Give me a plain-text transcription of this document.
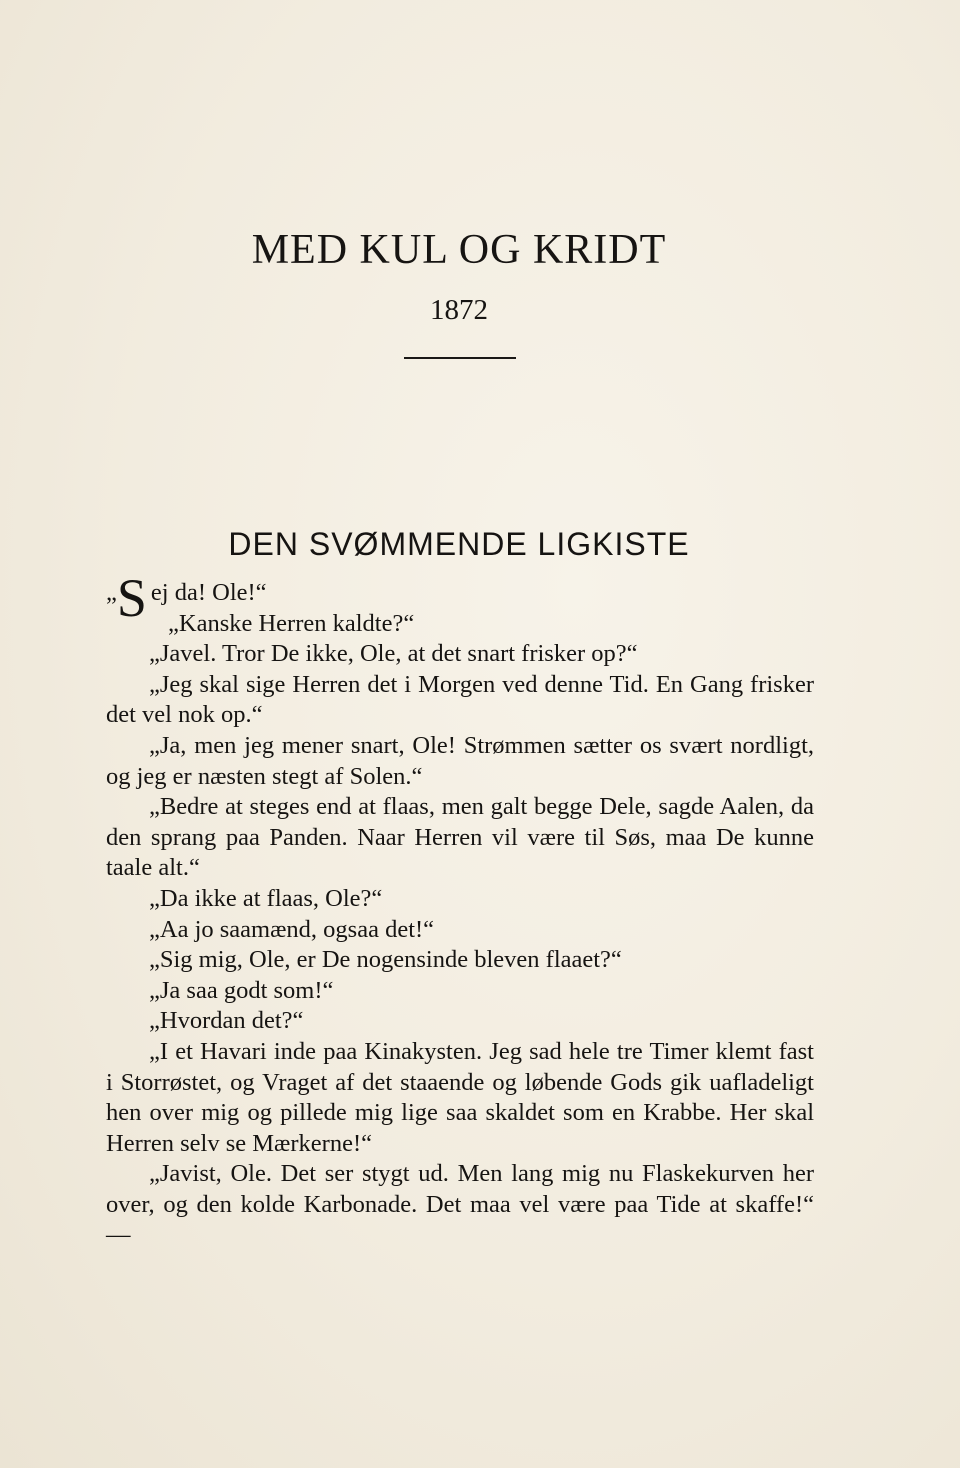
MED KUL OG KRIDT
1872
DEN SVØMMENDE LIGKISTE
„S ej da! Ole!“
„Kanske Herren kaldte?“

„Javel. Tror De ikke, Ole, at det snart frisker op?“

„Jeg skal sige Herren det i Morgen ved denne Tid. En Gang frisker det vel nok op.“

„Ja, men jeg mener snart, Ole! Strømmen sætter os svært nordligt, og jeg er næsten stegt af Solen.“

„Bedre at steges end at flaas, men galt begge Dele, sagde Aalen, da den sprang paa Panden. Naar Herren vil være til Søs, maa De kunne taale alt.“

„Da ikke at flaas, Ole?“

„Aa jo saamænd, ogsaa det!“

„Sig mig, Ole, er De nogensinde bleven flaaet?“

„Ja saa godt som!“

„Hvordan det?“

„I et Havari inde paa Kinakysten. Jeg sad hele tre Timer klemt fast i Storrøstet, og Vraget af det staaende og løbende Gods gik uafladeligt hen over mig og pillede mig lige saa skaldet som en Krabbe. Her skal Herren selv se Mærkerne!“

„Javist, Ole. Det ser stygt ud. Men lang mig nu Flaskekurven her over, og den kolde Karbonade. Det maa vel være paa Tide at skaffe!“ —
